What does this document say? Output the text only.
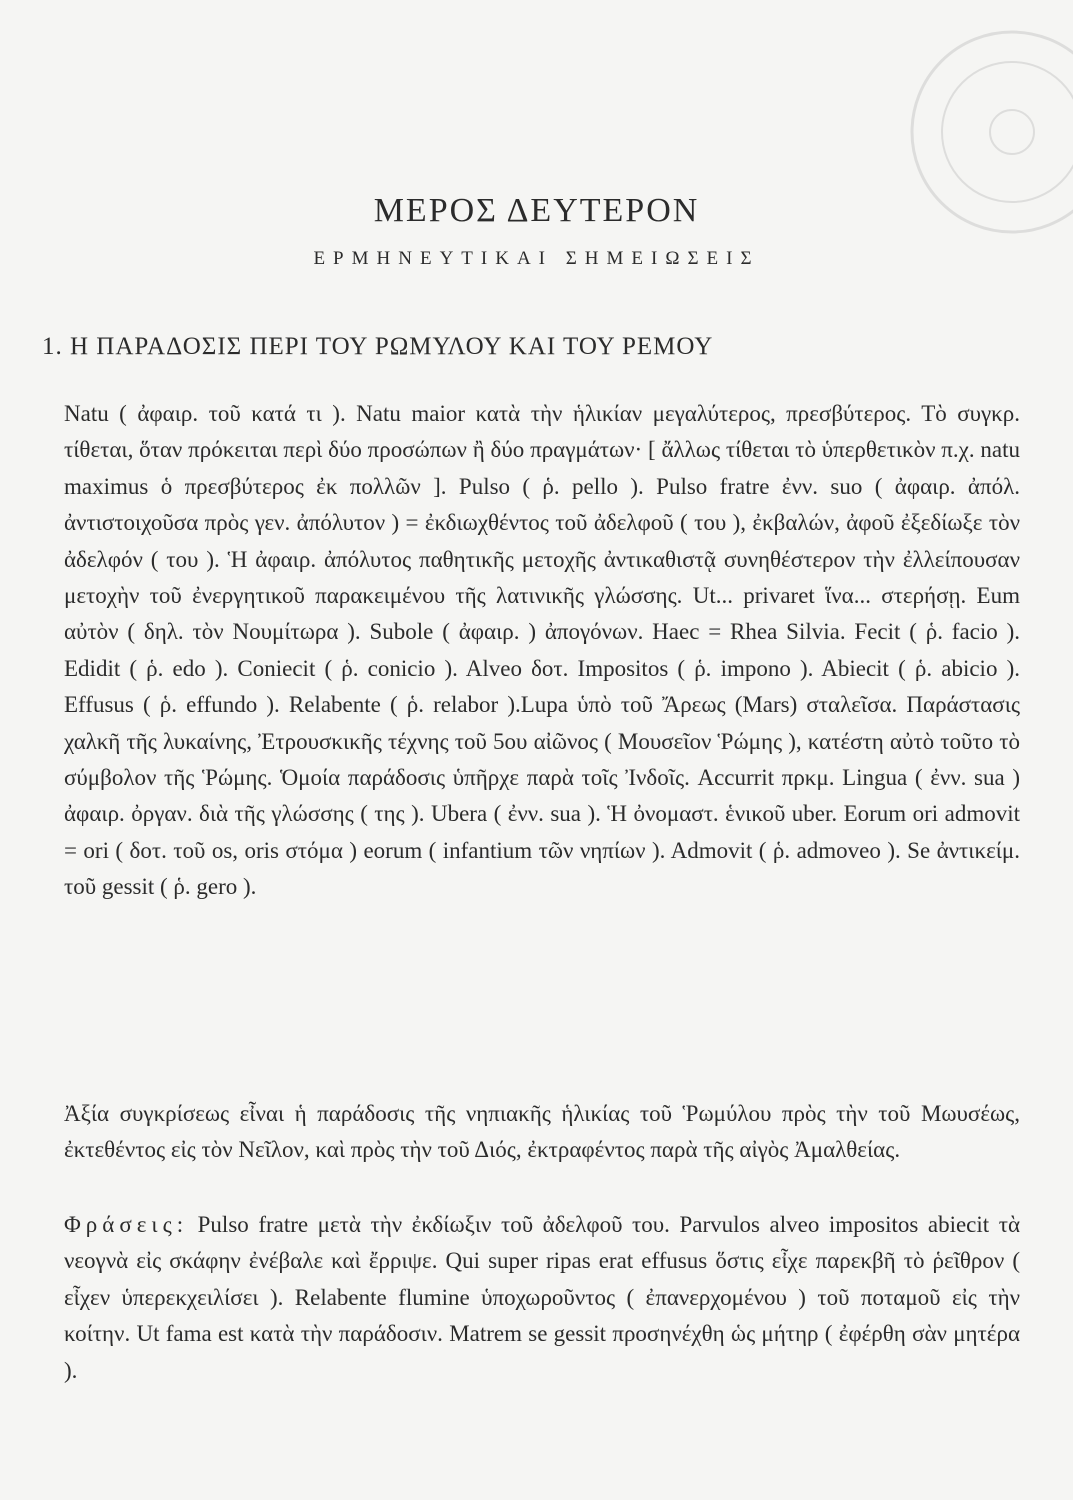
ΜΕΡΟΣ ΔΕΥΤΕΡΟΝ
ΕΡΜΗΝΕΥΤΙΚΑΙ ΣΗΜΕΙΩΣΕΙΣ
1. Η ΠΑΡΑΔΟΣΙΣ ΠΕΡΙ ΤΟΥ ΡΩΜΥΛΟΥ ΚΑΙ ΤΟΥ ΡΕΜΟΥ
Natu ( ἀφαιρ. τοῦ κατά τι ). Natu maior κατὰ τὴν ἡλικίαν μεγαλύτερος, πρεσβύτερος. Τὸ συγκρ. τίθεται, ὅταν πρόκειται περὶ δύο προσώπων ἢ δύο πραγμάτων· [ ἄλλως τίθεται τὸ ὑπερθετικὸν π.χ. natu maximus ὁ πρεσβύτερος ἐκ πολλῶν ]. Pulso ( ῥ. pello ). Pulso fratre ἐνν. suo ( ἀφαιρ. ἀπόλ. ἀντιστοιχοῦσα πρὸς γεν. ἀπόλυτον ) = ἐκδιωχθέντος τοῦ ἀδελφοῦ ( του ), ἐκβαλών, ἀφοῦ ἐξεδίωξε τὸν ἀδελφόν ( του ). Ἡ ἀφαιρ. ἀπόλυτος παθητικῆς μετοχῆς ἀντικαθιστᾷ συνηθέστερον τὴν ἐλλείπουσαν μετοχὴν τοῦ ἐνεργητικοῦ παρακειμένου τῆς λατινικῆς γλώσσης. Ut... privaret ἵνα... στερήσῃ. Eum αὐτὸν ( δηλ. τὸν Νουμίτωρα ). Subole ( ἀφαιρ. ) ἀπογόνων. Haec = Rhea Silvia. Fecit ( ῥ. facio ). Edidit ( ῥ. edo ). Coniecit ( ῥ. conicio ). Alveo δοτ. Impositos ( ῥ. impono ). Abiecit ( ῥ. abicio ). Effusus ( ῥ. effundo ). Relabente ( ῥ. relabor ).Lupa ὑπὸ τοῦ Ἄρεως (Mars) σταλεῖσα. Παράστασις χαλκῆ τῆς λυκαίνης, Ἐτρουσκικῆς τέχνης τοῦ 5ου αἰῶνος ( Μουσεῖον Ῥώμης ), κατέστη αὐτὸ τοῦτο τὸ σύμβολον τῆς Ῥώμης. Ὁμοία παράδοσις ὑπῆρχε παρὰ τοῖς Ἰνδοῖς. Accurrit πρκμ. Lingua ( ἐνν. sua ) ἀφαιρ. ὀργαν. διὰ τῆς γλώσσης ( της ). Ubera ( ἐνν. sua ). Ἡ ὀνομαστ. ἑνικοῦ uber. Eorum ori admovit = ori ( δοτ. τοῦ os, oris στόμα ) eorum ( infantium τῶν νηπίων ). Admovit ( ῥ. admoveo ). Se ἀντικείμ. τοῦ gessit ( ῥ. gero ).
Ἀξία συγκρίσεως εἶναι ἡ παράδοσις τῆς νηπιακῆς ἡλικίας τοῦ Ῥωμύλου πρὸς τὴν τοῦ Μωυσέως, ἐκτεθέντος εἰς τὸν Νεῖλον, καὶ πρὸς τὴν τοῦ Διός, ἐκτραφέντος παρὰ τῆς αἰγὸς Ἀμαλθείας.
Φράσεις: Pulso fratre μετὰ τὴν ἐκδίωξιν τοῦ ἀδελφοῦ του. Parvulos alveo impositos abiecit τὰ νεογνὰ εἰς σκάφην ἐνέβαλε καὶ ἔρριψε. Qui super ripas erat effusus ὅστις εἶχε παρεκβῆ τὸ ῥεῖθρον ( εἶχεν ὑπερεκχειλίσει ). Relabente flumine ὑποχωροῦντος ( ἐπανερχομένου ) τοῦ ποταμοῦ εἰς τὴν κοίτην. Ut fama est κατὰ τὴν παράδοσιν. Matrem se gessit προσηνέχθη ὡς μήτηρ ( ἐφέρθη σὰν μητέρα ).
